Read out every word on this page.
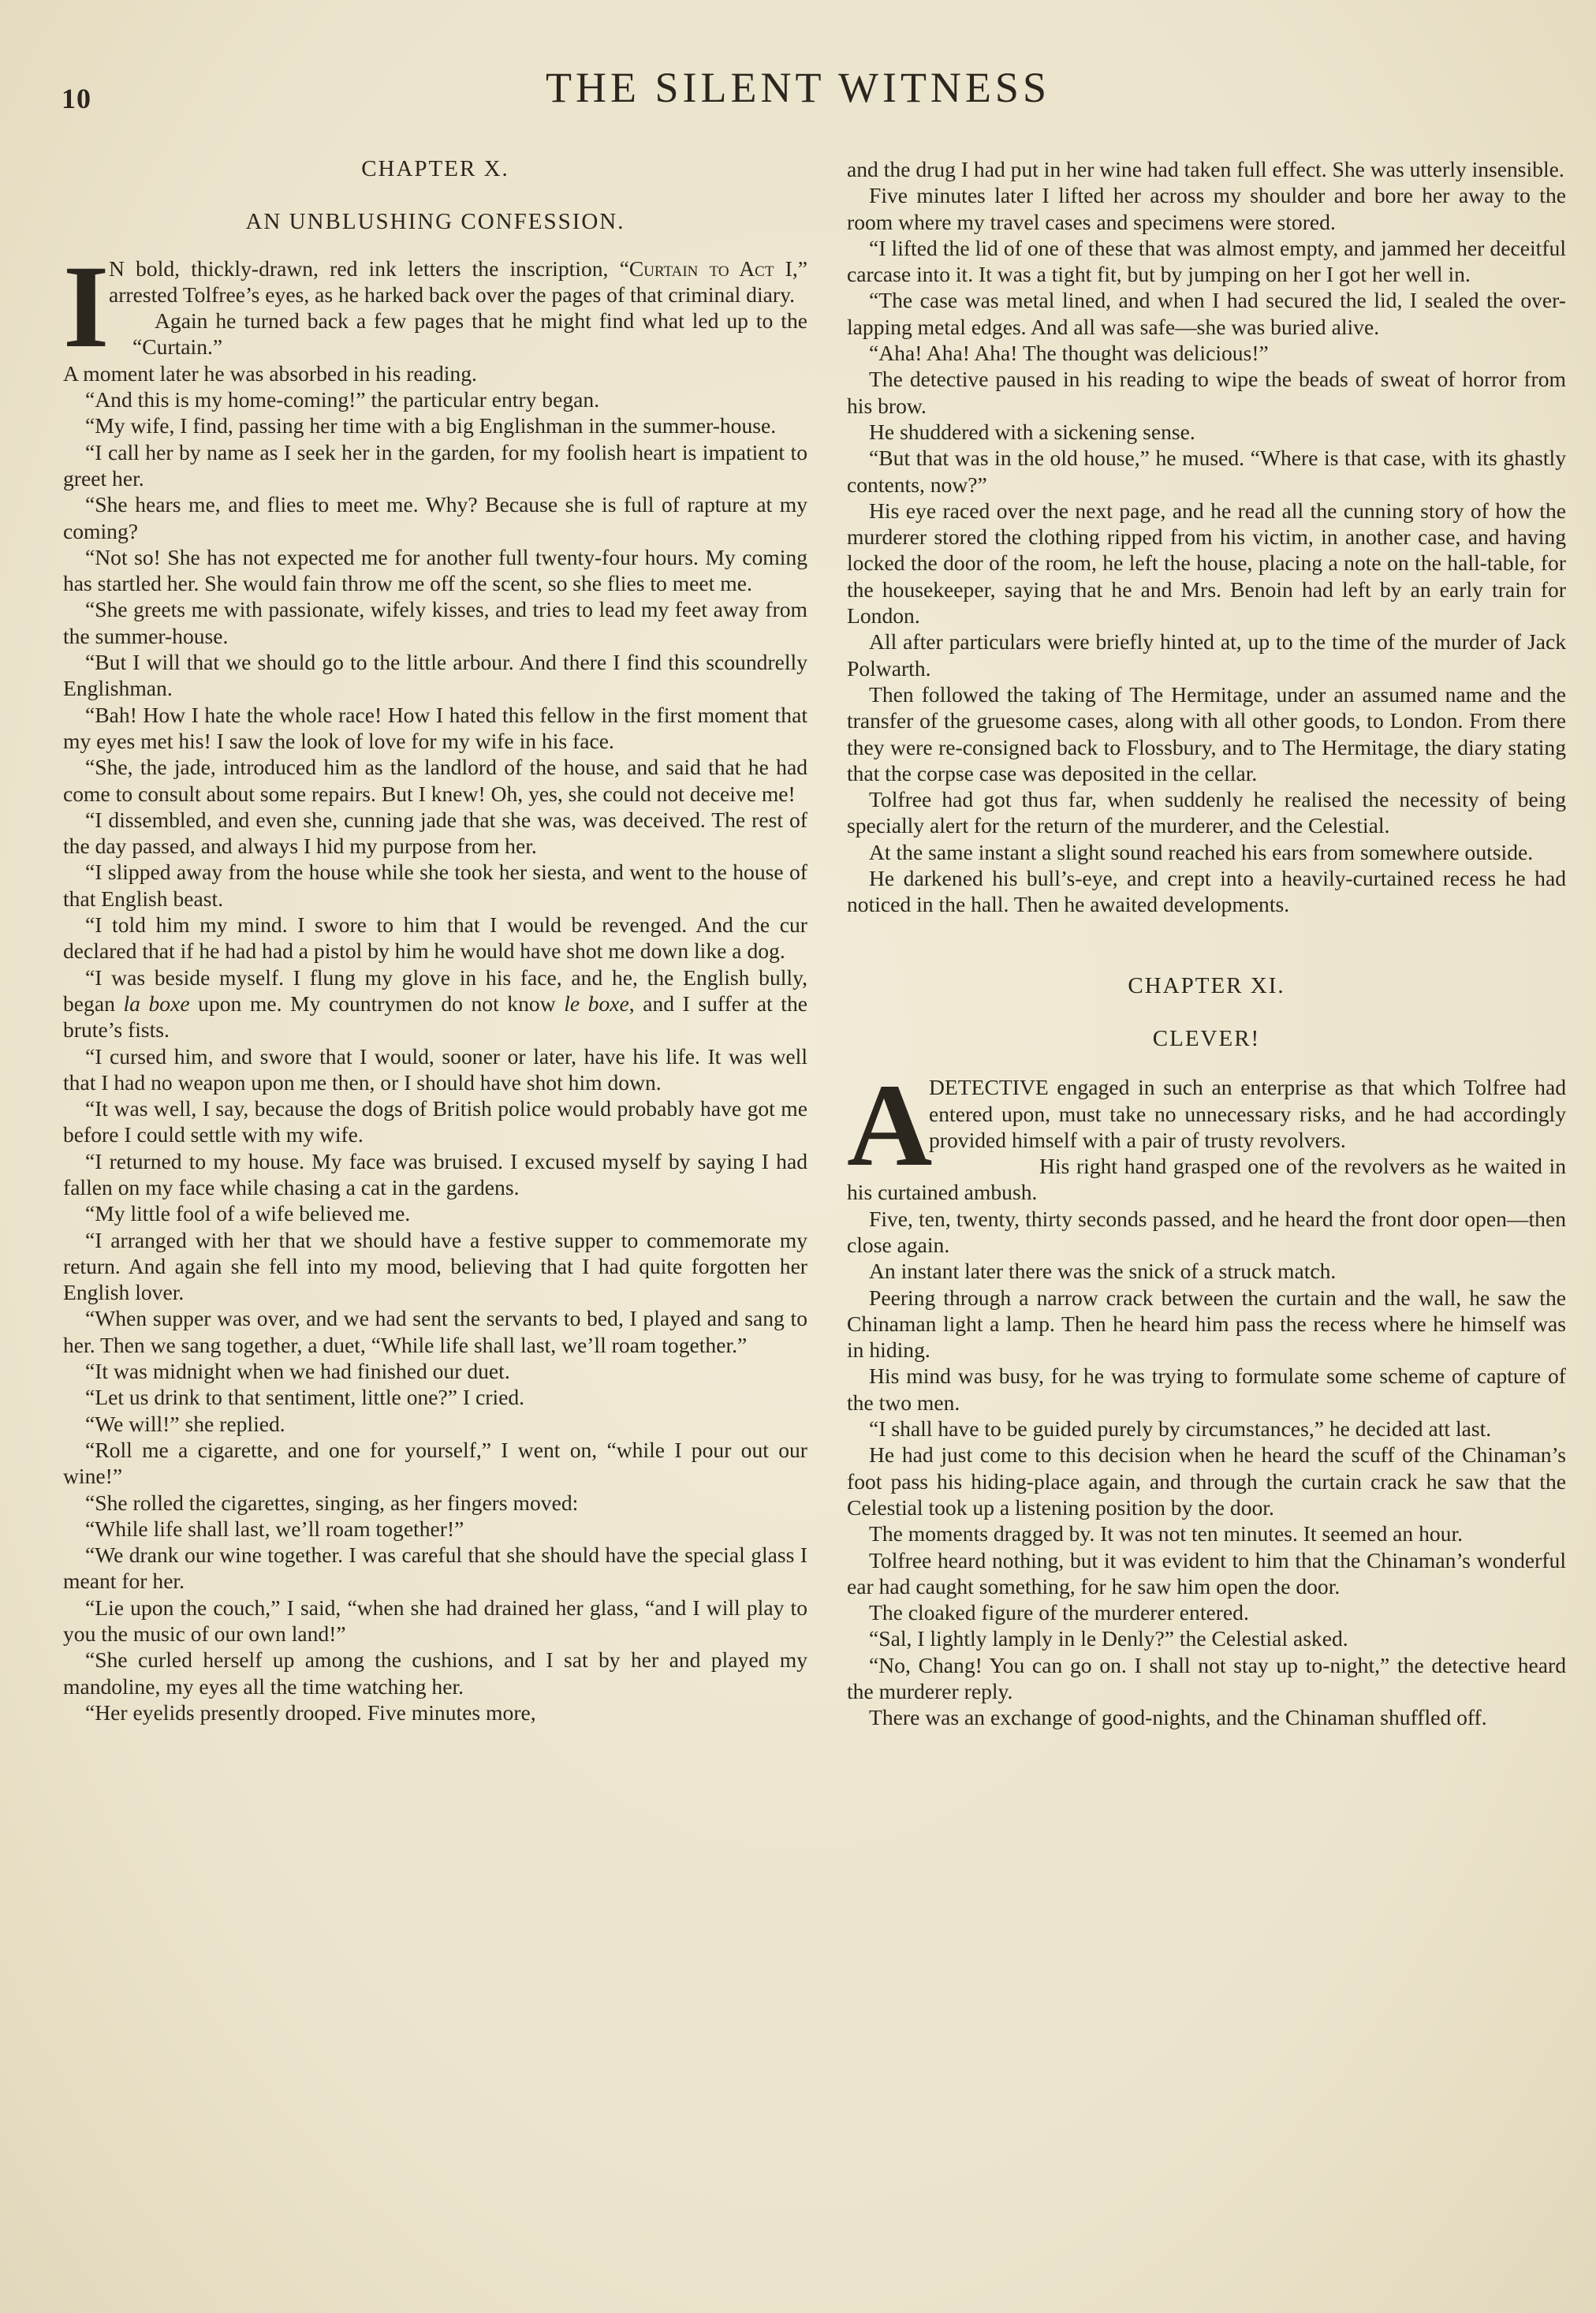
10	THE SILENT WITNESS
CHAPTER X.
AN UNBLUSHING CONFESSION.

I N bold, thickly-drawn, red ink letters the inscription, “Curtain to Act I,” arrested Tolfree’s eyes, as he harked back over the pages of that criminal diary.

Again he turned back a few pages that he might find what led up to the “Curtain.”

A moment later he was absorbed in his reading.

“And this is my home-coming!” the particular entry began.

“My wife, I find, passing her time with a big Englishman in the summer-house.

“I call her by name as I seek her in the garden, for my foolish heart is impatient to greet her.

“She hears me, and flies to meet me. Why? Because she is full of rapture at my coming?

“Not so! She has not expected me for another full twenty-four hours. My coming has startled her. She would fain throw me off the scent, so she flies to meet me.

“She greets me with passionate, wifely kisses, and tries to lead my feet away from the summer-house.

“But I will that we should go to the little arbour. And there I find this scoundrelly Englishman.

“Bah! How I hate the whole race! How I hated this fellow in the first moment that my eyes met his! I saw the look of love for my wife in his face.

“She, the jade, introduced him as the landlord of the house, and said that he had come to consult about some repairs. But I knew! Oh, yes, she could not deceive me!

“I dissembled, and even she, cunning jade that she was, was deceived. The rest of the day passed, and always I hid my purpose from her.

“I slipped away from the house while she took her siesta, and went to the house of that English beast.

“I told him my mind. I swore to him that I would be revenged. And the cur declared that if he had had a pistol by him he would have shot me down like a dog.

“I was beside myself. I flung my glove in his face, and he, the English bully, began la boxe upon me. My countrymen do not know le boxe, and I suffer at the brute’s fists.

“I cursed him, and swore that I would, sooner or later, have his life. It was well that I had no weapon upon me then, or I should have shot him down.

“It was well, I say, because the dogs of British police would probably have got me before I could settle with my wife.

“I returned to my house. My face was bruised. I excused myself by saying I had fallen on my face while chasing a cat in the gardens.

“My little fool of a wife believed me.

“I arranged with her that we should have a festive supper to commemorate my return. And again she fell into my mood, believing that I had quite forgotten her English lover.

“When supper was over, and we had sent the servants to bed, I played and sang to her. Then we sang together, a duet, “While life shall last, we’ll roam together.”

“It was midnight when we had finished our duet.

“Let us drink to that sentiment, little one?” I cried.

“We will!” she replied.

“Roll me a cigarette, and one for yourself,” I went on, “while I pour out our wine!”

“She rolled the cigarettes, singing, as her fingers moved:

“While life shall last, we’ll roam together!”

“We drank our wine together. I was careful that she should have the special glass I meant for her.

“Lie upon the couch,” I said, “when she had drained her glass, “and I will play to you the music of our own land!”

“She curled herself up among the cushions, and I sat by her and played my mandoline, my eyes all the time watching her.

“Her eyelids presently drooped. Five minutes more,

and the drug I had put in her wine had taken full effect. She was utterly insensible.

Five minutes later I lifted her across my shoulder and bore her away to the room where my travel cases and specimens were stored.

“I lifted the lid of one of these that was almost empty, and jammed her deceitful carcase into it. It was a tight fit, but by jumping on her I got her well in.

“The case was metal lined, and when I had secured the lid, I sealed the over-lapping metal edges. And all was safe—she was buried alive.

“Aha! Aha! Aha! The thought was delicious!”

The detective paused in his reading to wipe the beads of sweat of horror from his brow.

He shuddered with a sickening sense.

“But that was in the old house,” he mused. “Where is that case, with its ghastly contents, now?”

His eye raced over the next page, and he read all the cunning story of how the murderer stored the clothing ripped from his victim, in another case, and having locked the door of the room, he left the house, placing a note on the hall-table, for the housekeeper, saying that he and Mrs. Benoin had left by an early train for London.

All after particulars were briefly hinted at, up to the time of the murder of Jack Polwarth.

Then followed the taking of The Hermitage, under an assumed name and the transfer of the gruesome cases, along with all other goods, to London. From there they were re-consigned back to Flossbury, and to The Hermitage, the diary stating that the corpse case was deposited in the cellar.

Tolfree had got thus far, when suddenly he realised the necessity of being specially alert for the return of the murderer, and the Celestial.

At the same instant a slight sound reached his ears from somewhere outside.

He darkened his bull’s-eye, and crept into a heavily-curtained recess he had noticed in the hall. Then he awaited developments.

CHAPTER XI.
CLEVER!

A
DETECTIVE engaged in such an enterprise as that which Tolfree had entered upon, must take no unnecessary risks, and he had accordingly provided himself with a pair of trusty revolvers.

His right hand grasped one of the revolvers as he waited in his curtained ambush.

Five, ten, twenty, thirty seconds passed, and he heard the front door open—then close again.

An instant later there was the snick of a struck match.

Peering through a narrow crack between the curtain and the wall, he saw the Chinaman light a lamp. Then he heard him pass the recess where he himself was in hiding.

His mind was busy, for he was trying to formulate some scheme of capture of the two men.

“I shall have to be guided purely by circumstances,” he decided att last.

He had just come to this decision when he heard the scuff of the Chinaman’s foot pass his hiding-place again, and through the curtain crack he saw that the Celestial took up a listening position by the door.

The moments dragged by. It was not ten minutes. It seemed an hour.

Tolfree heard nothing, but it was evident to him that the Chinaman’s wonderful ear had caught something, for he saw him open the door.

The cloaked figure of the murderer entered.

“Sal, I lightly lamply in le Denly?” the Celestial asked.

“No, Chang! You can go on. I shall not stay up to-night,” the detective heard the murderer reply.

There was an exchange of good-nights, and the Chinaman shuffled off.
